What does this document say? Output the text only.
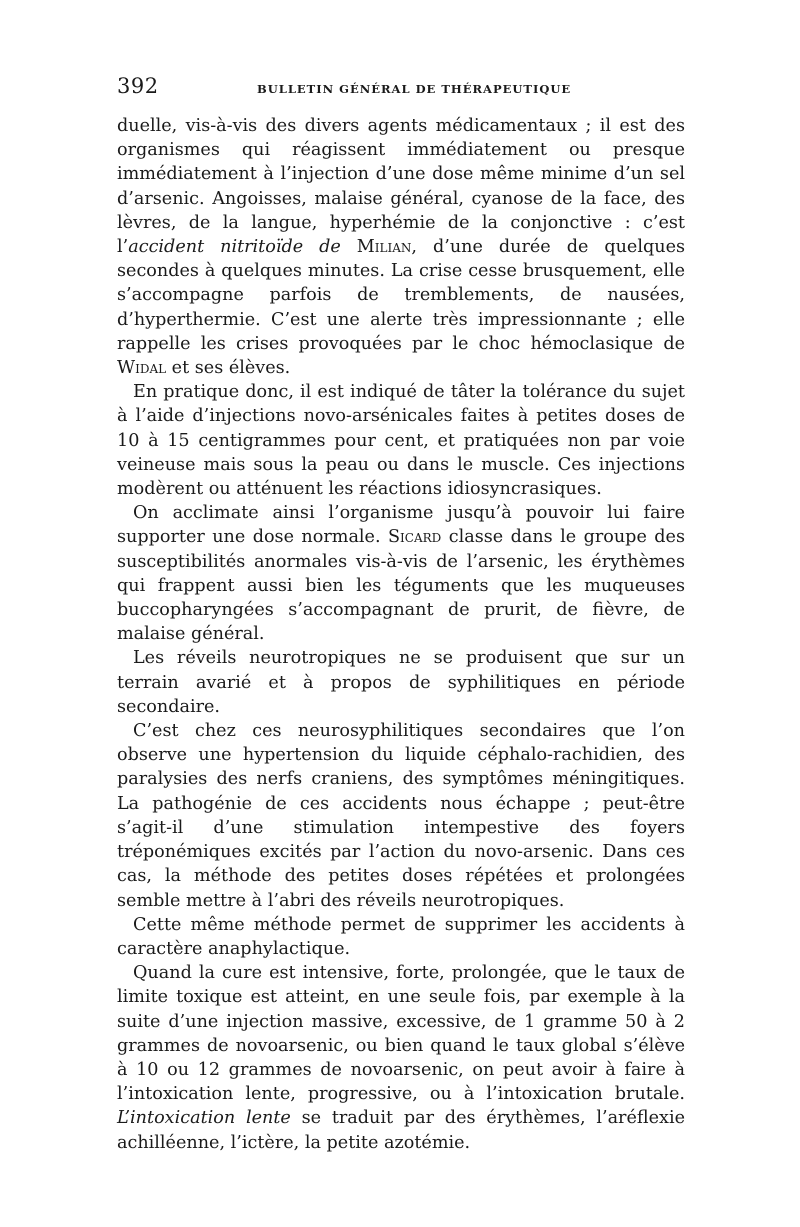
392	BULLETIN GÉNÉRAL DE THÉRAPEUTIQUE

duelle, vis-à-vis des divers agents médicamentaux ; il est des organismes qui réagissent immédiatement ou presque immédiatement à l’injection d’une dose même minime d’un sel d’arsenic. Angoisses, malaise général, cyanose de la face, des lèvres, de la langue, hyperhémie de la conjonctive : c’est l’accident nitritoïde de Milian, d’une durée de quelques secondes à quelques minutes. La crise cesse brusquement, elle s’accompagne parfois de tremblements, de nausées, d’hyperthermie. C’est une alerte très impressionnante ; elle rappelle les crises provoquées par le choc hémoclasique de Widal et ses élèves.

En pratique donc, il est indiqué de tâter la tolérance du sujet à l’aide d’injections novo-arsénicales faites à petites doses de 10 à 15 centigrammes pour cent, et pratiquées non par voie veineuse mais sous la peau ou dans le muscle. Ces injections modèrent ou atténuent les réactions idiosyncrasiques.

On acclimate ainsi l’organisme jusqu’à pouvoir lui faire supporter une dose normale. Sicard classe dans le groupe des susceptibilités anormales vis-à-vis de l’arsenic, les érythèmes qui frappent aussi bien les téguments que les muqueuses buccopharyngées s’accompagnant de prurit, de fièvre, de malaise général.

Les réveils neurotropiques ne se produisent que sur un terrain avarié et à propos de syphilitiques en période secondaire.

C’est chez ces neurosyphilitiques secondaires que l’on observe une hypertension du liquide céphalo-rachidien, des paralysies des nerfs craniens, des symptômes méningitiques. La pathogénie de ces accidents nous échappe ; peut-être s’agit-il d’une stimulation intempestive des foyers tréponémiques excités par l’action du novo-arsenic. Dans ces cas, la méthode des petites doses répétées et prolongées semble mettre à l’abri des réveils neurotropiques.

Cette même méthode permet de supprimer les accidents à caractère anaphylactique.

Quand la cure est intensive, forte, prolongée, que le taux de limite toxique est atteint, en une seule fois, par exemple à la suite d’une injection massive, excessive, de 1 gramme 50 à 2 grammes de novoarsenic, ou bien quand le taux global s’élève à 10 ou 12 grammes de novoarsenic, on peut avoir à faire à l’intoxication lente, progressive, ou à l’intoxication brutale. L’intoxication lente se traduit par des érythèmes, l’aréflexie achilléenne, l’ictère, la petite azotémie.
